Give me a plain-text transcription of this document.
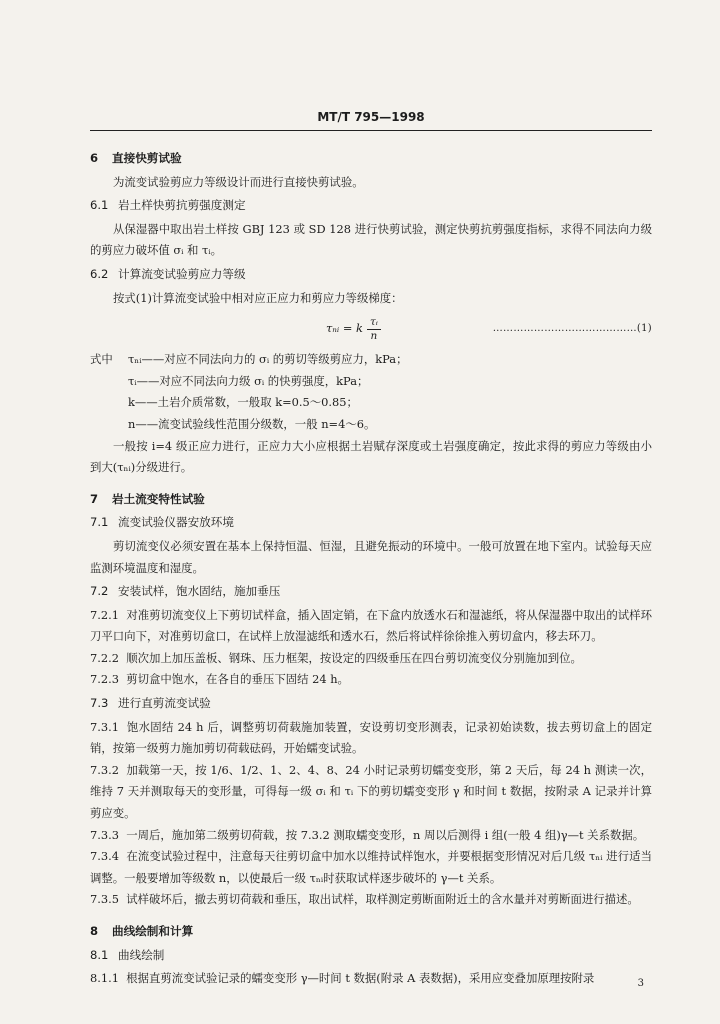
MT/T 795—1998
6 直接快剪试验

为流变试验剪应力等级设计而进行直接快剪试验。

6.1 岩土样快剪抗剪强度测定

从保湿器中取出岩土样按 GBJ 123 或 SD 128 进行快剪试验，测定快剪抗剪强度指标，求得不同法向力级的剪应力破坏值 σᵢ 和 τᵢ。

6.2 计算流变试验剪应力等级

按式(1)计算流变试验中相对应正应力和剪应力等级梯度：

τₙᵢ = k $\frac{\text{τᵢ}}{n}$	……………………………………(1)
式中	τₙᵢ——对应不同法向力的 σᵢ 的剪切等级剪应力，kPa；
τᵢ——对应不同法向力级 σᵢ 的快剪强度，kPa；
k——土岩介质常数，一般取 k=0.5～0.85；
n——流变试验线性范围分级数，一般 n=4～6。

一般按 i=4 级正应力进行，正应力大小应根据土岩赋存深度或土岩强度确定，按此求得的剪应力等级由小到大(τₙᵢ)分级进行。

7 岩土流变特性试验
7.1 流变试验仪器安放环境

剪切流变仪必须安置在基本上保持恒温、恒湿，且避免振动的环境中。一般可放置在地下室内。试验每天应监测环境温度和湿度。

7.2 安装试样，饱水固结，施加垂压

7.2.1 对准剪切流变仪上下剪切试样盒，插入固定销，在下盒内放透水石和湿滤纸，将从保湿器中取出的试样环刀平口向下，对准剪切盒口，在试样上放湿滤纸和透水石，然后将试样徐徐推入剪切盒内，移去环刀。

7.2.2 顺次加上加压盖板、钢珠、压力框架，按设定的四级垂压在四台剪切流变仪分别施加到位。

7.2.3 剪切盒中饱水，在各自的垂压下固结 24 h。

7.3 进行直剪流变试验

7.3.1 饱水固结 24 h 后，调整剪切荷载施加装置，安设剪切变形测表，记录初始读数，拔去剪切盒上的固定销，按第一级剪力施加剪切荷载砝码，开始蠕变试验。

7.3.2 加载第一天，按 1/6、1/2、1、2、4、8、24 小时记录剪切蠕变变形，第 2 天后，每 24 h 测读一次，维持 7 天并测取每天的变形量，可得每一级 σᵢ 和 τᵢ 下的剪切蠕变变形 γ 和时间 t 数据，按附录 A 记录并计算剪应变。

7.3.3 一周后，施加第二级剪切荷载，按 7.3.2 测取蠕变变形，n 周以后测得 i 组(一般 4 组)γ—t 关系数据。

7.3.4 在流变试验过程中，注意每天往剪切盒中加水以维持试样饱水，并要根据变形情况对后几级 τₙᵢ 进行适当调整。一般要增加等级数 n，以使最后一级 τₙᵢ时获取试样逐步破坏的 γ—t 关系。

7.3.5 试样破坏后，撤去剪切荷载和垂压，取出试样，取样测定剪断面附近土的含水量并对剪断面进行描述。

8 曲线绘制和计算
8.1 曲线绘制

8.1.1 根据直剪流变试验记录的蠕变变形 γ—时间 t 数据(附录 A 表数据)，采用应变叠加原理按附录	3
